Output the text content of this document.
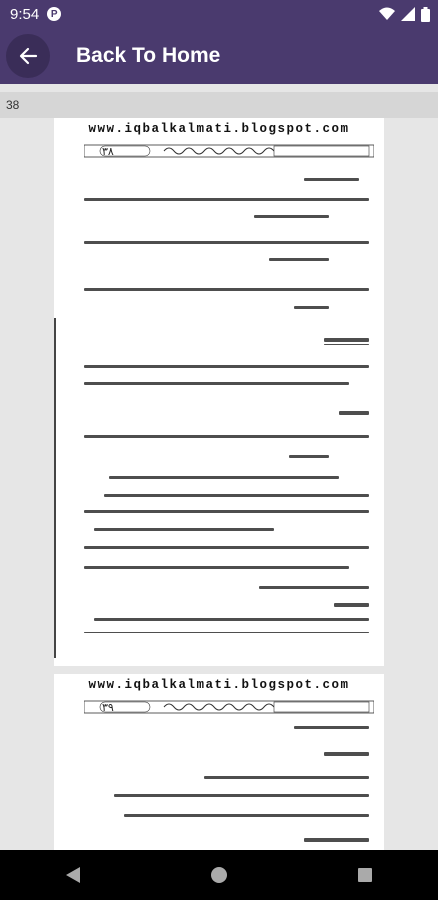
9:54	P
Back To Home
38
www.iqbalkalmati.blogspot.com
٣٨
www.iqbalkalmati.blogspot.com
٣٩
